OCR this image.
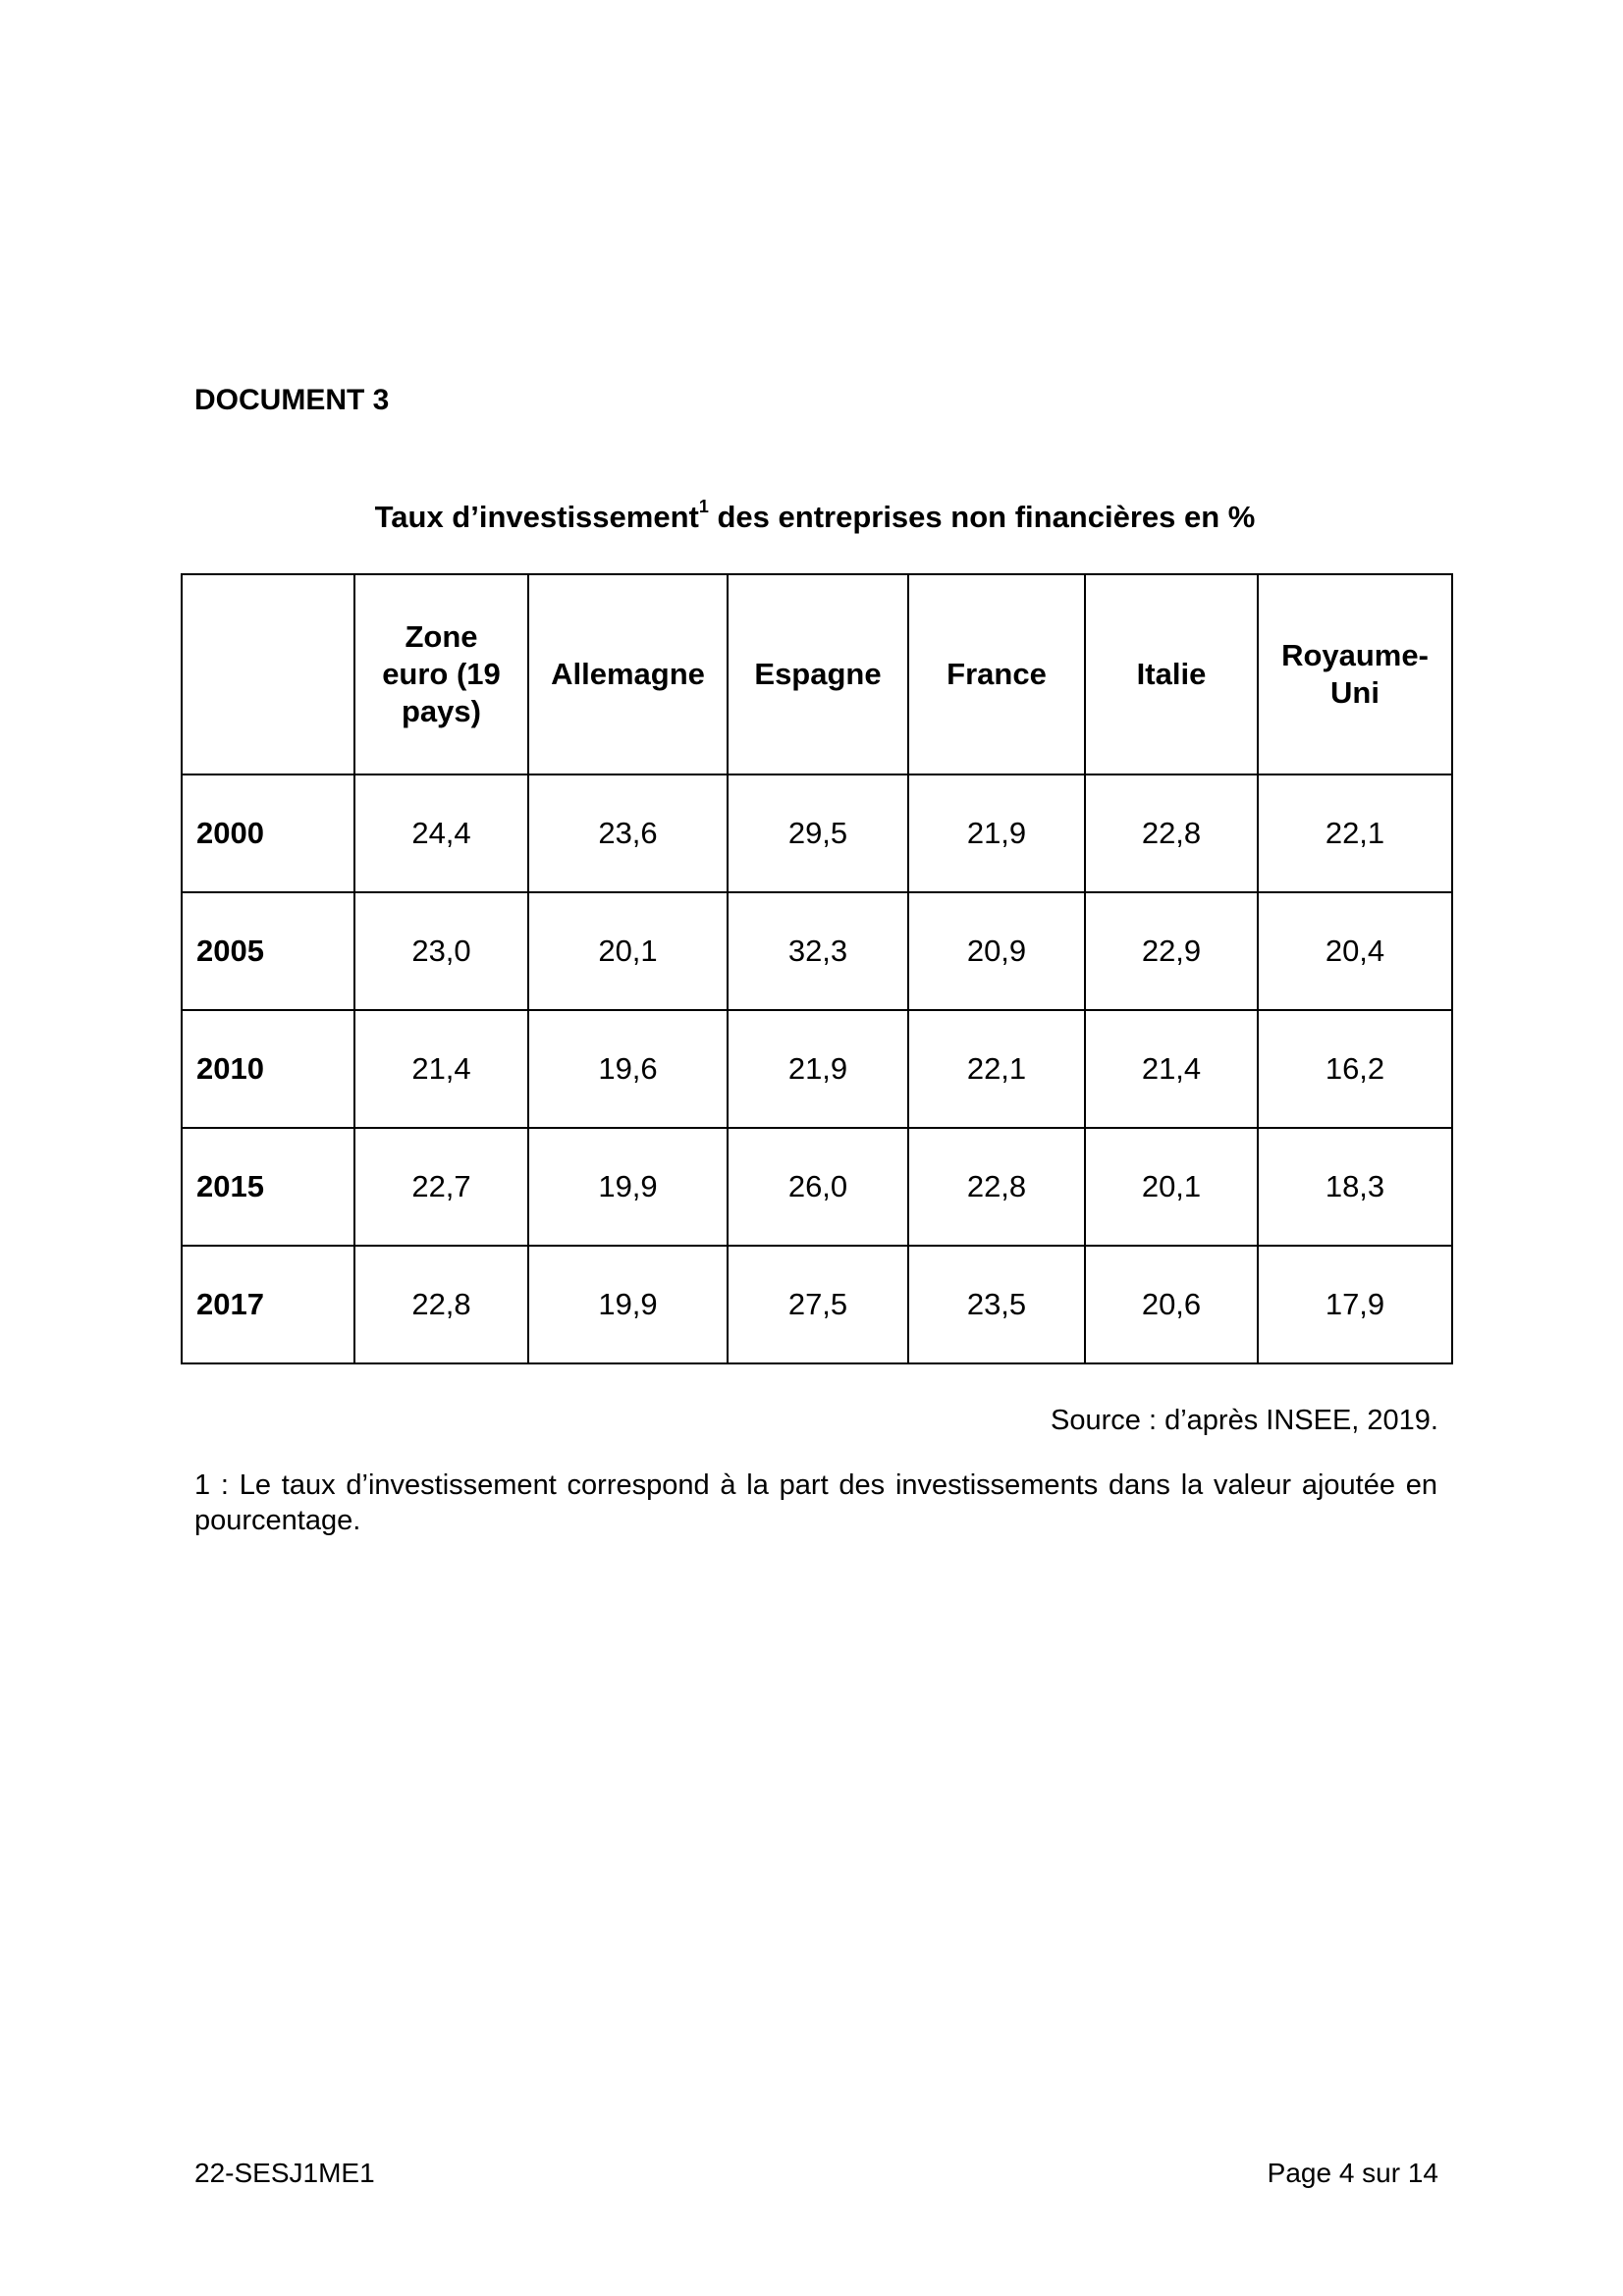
DOCUMENT 3
Taux d’investissement$^1$ des entreprises non financières en %

	Zone euro (19 pays)	Allemagne	Espagne	France	Italie	Royaume-Uni

2000	24,4	23,6	29,5	21,9	22,8	22,1
2005	23,0	20,1	32,3	20,9	22,9	20,4
2010	21,4	19,6	21,9	22,1	21,4	16,2
2015	22,7	19,9	26,0	22,8	20,1	18,3
2017	22,8	19,9	27,5	23,5	20,6	17,9
Source : d’après INSEE, 2019.
1 : Le taux d’investissement correspond à la part des investissements dans la valeur ajoutée en pourcentage.
22-SESJ1ME1	Page 4 sur 14
